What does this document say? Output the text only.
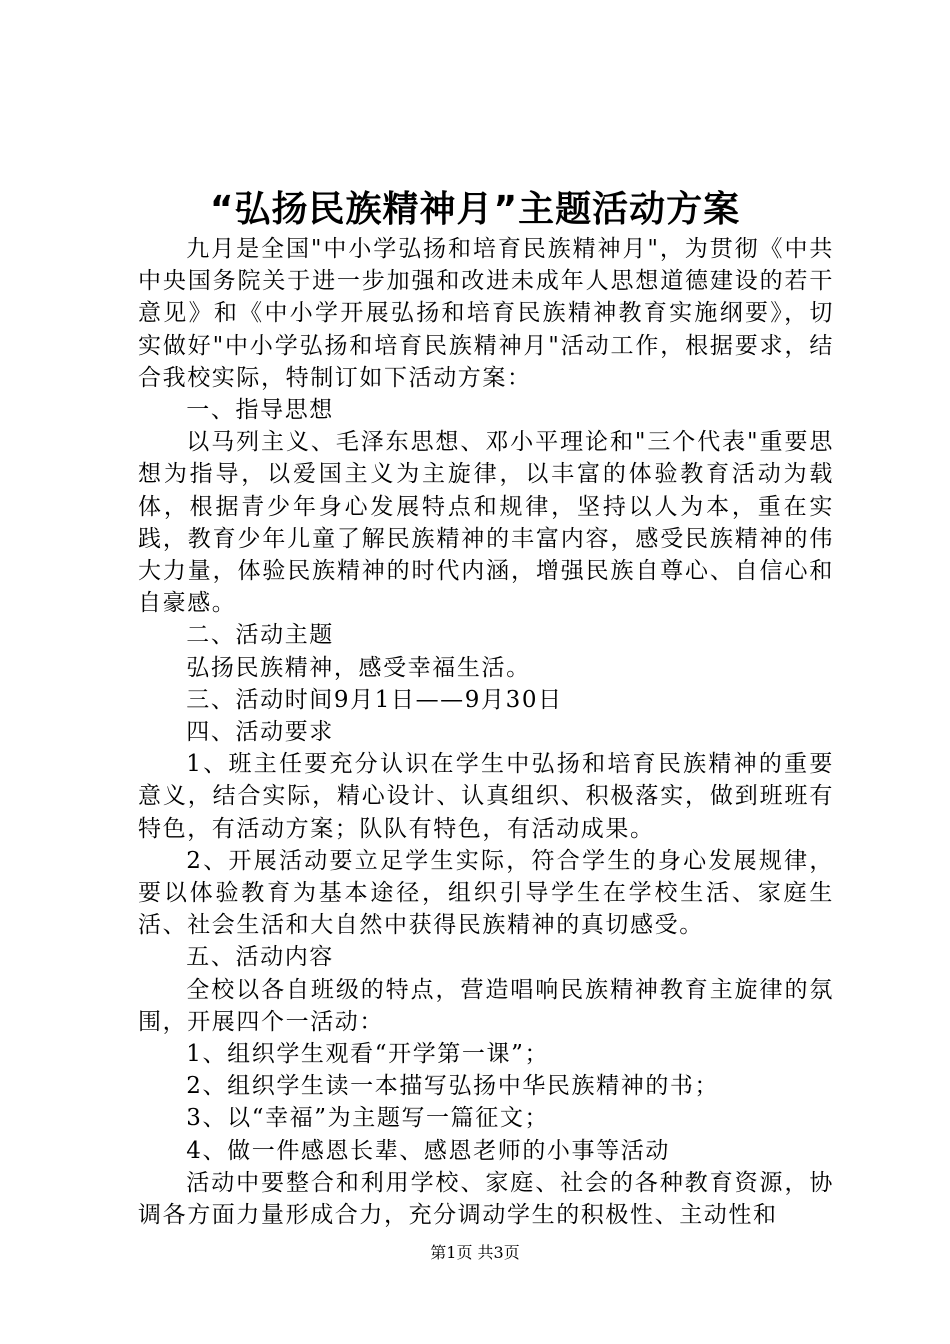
“弘扬民族精神月”主题活动方案

九月是全国"中小学弘扬和培育民族精神月"，为贯彻《中共中央国务院关于进一步加强和改进未成年人思想道德建设的若干意见》和《中小学开展弘扬和培育民族精神教育实施纲要》，切实做好"中小学弘扬和培育民族精神月"活动工作，根据要求，结合我校实际，特制订如下活动方案：

一、指导思想

以马列主义、毛泽东思想、邓小平理论和"三个代表"重要思想为指导，以爱国主义为主旋律，以丰富的体验教育活动为载体，根据青少年身心发展特点和规律，坚持以人为本，重在实践，教育少年儿童了解民族精神的丰富内容，感受民族精神的伟大力量，体验民族精神的时代内涵，增强民族自尊心、自信心和自豪感。

二、活动主题

弘扬民族精神，感受幸福生活。

三、活动时间9月1日——9月30日

四、活动要求

1、班主任要充分认识在学生中弘扬和培育民族精神的重要意义，结合实际，精心设计、认真组织、积极落实，做到班班有特色，有活动方案；队队有特色，有活动成果。

2、开展活动要立足学生实际，符合学生的身心发展规律，要以体验教育为基本途径，组织引导学生在学校生活、家庭生活、社会生活和大自然中获得民族精神的真切感受。

五、活动内容

全校以各自班级的特点，营造唱响民族精神教育主旋律的氛围，开展四个一活动：

1、组织学生观看“开学第一课”；

2、组织学生读一本描写弘扬中华民族精神的书；

3、以“幸福”为主题写一篇征文；

4、做一件感恩长辈、感恩老师的小事等活动

活动中要整合和利用学校、家庭、社会的各种教育资源，协调各方面力量形成合力，充分调动学生的积极性、主动性和

第1页 共3页
